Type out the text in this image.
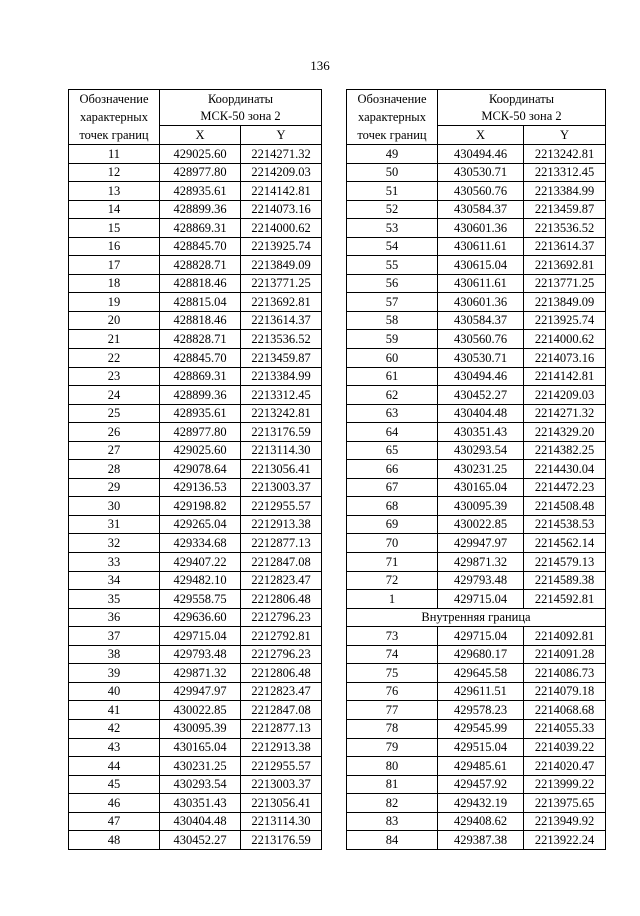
136
Обозначение
характерных
точек границ	Координаты	
	МСК-50 зона 2	
	X	Y
11	429025.60	2214271.32
12	428977.80	2214209.03
13	428935.61	2214142.81
14	428899.36	2214073.16
15	428869.31	2214000.62
16	428845.70	2213925.74
17	428828.71	2213849.09
18	428818.46	2213771.25
19	428815.04	2213692.81
20	428818.46	2213614.37
21	428828.71	2213536.52
22	428845.70	2213459.87
23	428869.31	2213384.99
24	428899.36	2213312.45
25	428935.61	2213242.81
26	428977.80	2213176.59
27	429025.60	2213114.30
28	429078.64	2213056.41
29	429136.53	2213003.37
30	429198.82	2212955.57
31	429265.04	2212913.38
32	429334.68	2212877.13
33	429407.22	2212847.08
34	429482.10	2212823.47
35	429558.75	2212806.48
36	429636.60	2212796.23
37	429715.04	2212792.81
38	429793.48	2212796.23
39	429871.32	2212806.48
40	429947.97	2212823.47
41	430022.85	2212847.08
42	430095.39	2212877.13
43	430165.04	2212913.38
44	430231.25	2212955.57
45	430293.54	2213003.37
46	430351.43	2213056.41
47	430404.48	2213114.30
48	430452.27	2213176.59
Обозначение
характерных
точек границ	Координаты	
	МСК-50 зона 2	
	X	Y
49	430494.46	2213242.81
50	430530.71	2213312.45
51	430560.76	2213384.99
52	430584.37	2213459.87
53	430601.36	2213536.52
54	430611.61	2213614.37
55	430615.04	2213692.81
56	430611.61	2213771.25
57	430601.36	2213849.09
58	430584.37	2213925.74
59	430560.76	2214000.62
60	430530.71	2214073.16
61	430494.46	2214142.81
62	430452.27	2214209.03
63	430404.48	2214271.32
64	430351.43	2214329.20
65	430293.54	2214382.25
66	430231.25	2214430.04
67	430165.04	2214472.23
68	430095.39	2214508.48
69	430022.85	2214538.53
70	429947.97	2214562.14
71	429871.32	2214579.13
72	429793.48	2214589.38
1	429715.04	2214592.81
Внутренняя граница		
73	429715.04	2214092.81
74	429680.17	2214091.28
75	429645.58	2214086.73
76	429611.51	2214079.18
77	429578.23	2214068.68
78	429545.99	2214055.33
79	429515.04	2214039.22
80	429485.61	2214020.47
81	429457.92	2213999.22
82	429432.19	2213975.65
83	429408.62	2213949.92
84	429387.38	2213922.24
